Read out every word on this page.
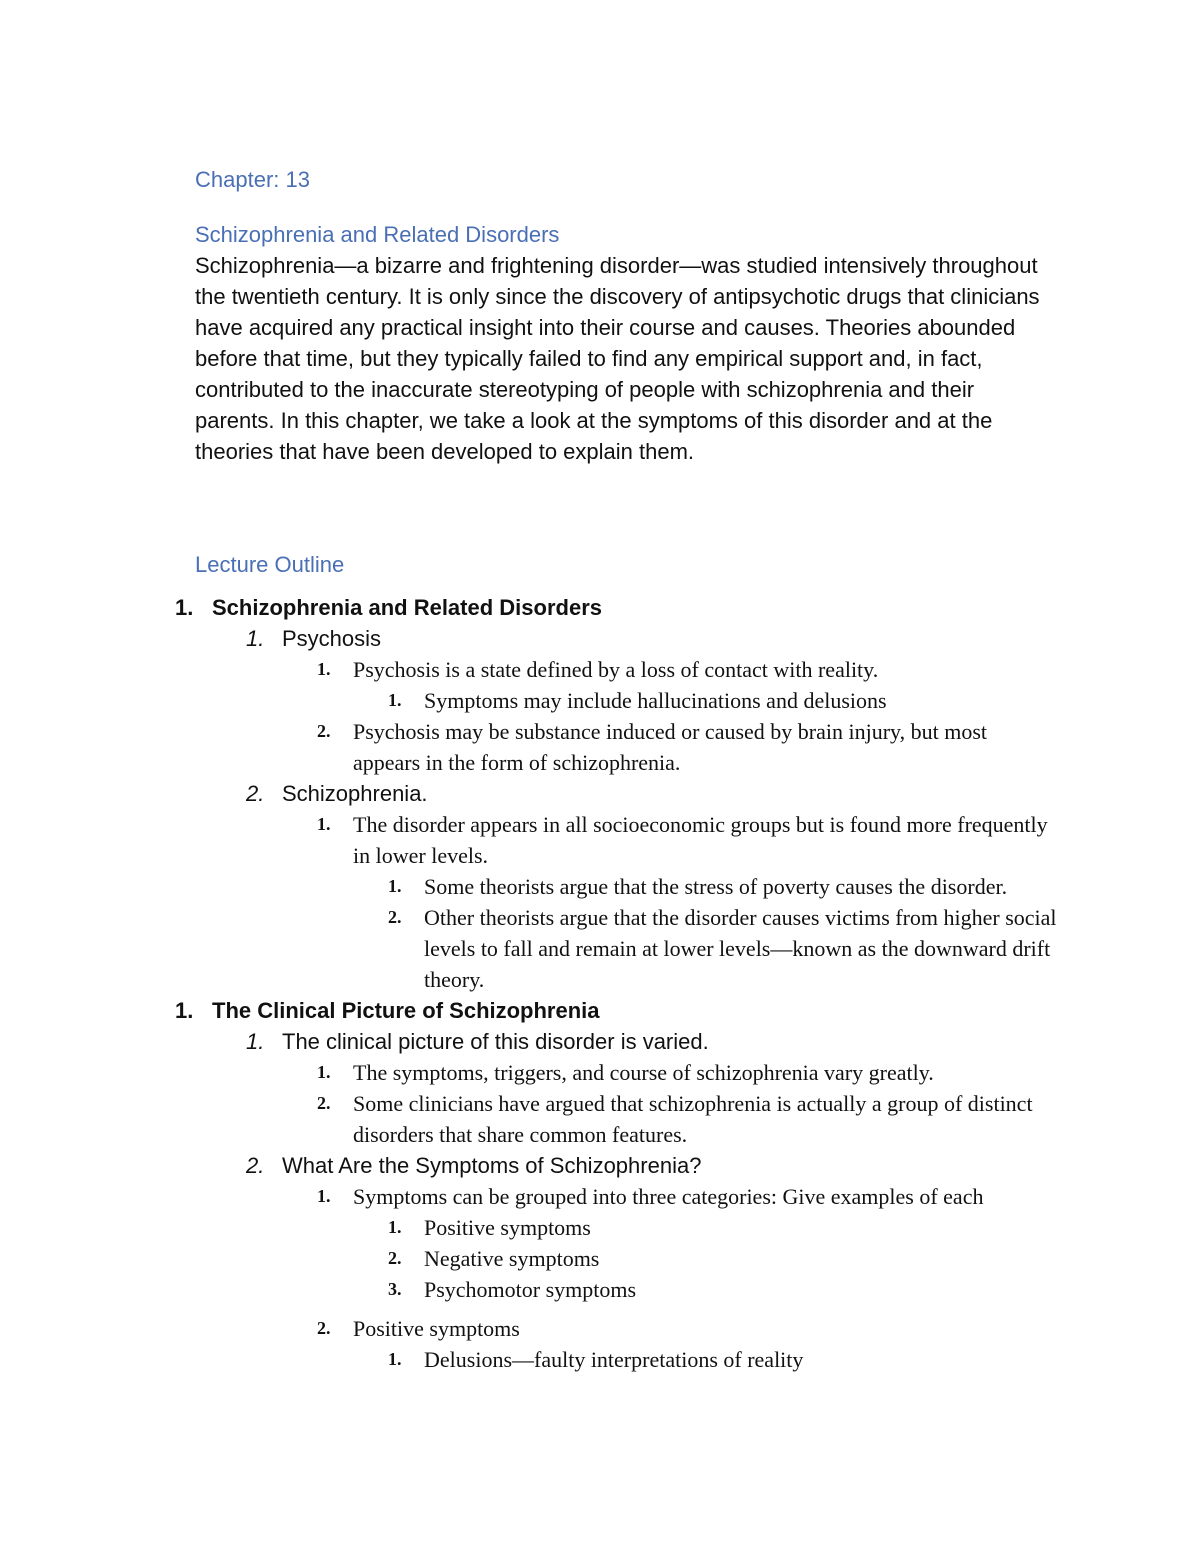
Chapter: 13
Schizophrenia and Related Disorders

Schizophrenia—a bizarre and frightening disorder—was studied intensively throughout the twentieth century. It is only since the discovery of antipsychotic drugs that clinicians have acquired any practical insight into their course and causes. Theories abounded before that time, but they typically failed to find any empirical support and, in fact, contributed to the inaccurate stereotyping of people with schizophrenia and their parents. In this chapter, we take a look at the symptoms of this disorder and at the theories that have been developed to explain them.

Lecture Outline
1. Schizophrenia and Related Disorders
1. Psychosis
1. Psychosis is a state defined by a loss of contact with reality.
1. Symptoms may include hallucinations and delusions
2. Psychosis may be substance induced or caused by brain injury, but most appears in the form of schizophrenia.
2. Schizophrenia.
1. The disorder appears in all socioeconomic groups but is found more frequently in lower levels.
1. Some theorists argue that the stress of poverty causes the disorder.
2. Other theorists argue that the disorder causes victims from higher social levels to fall and remain at lower levels—known as the downward drift theory.
1. The Clinical Picture of Schizophrenia
1. The clinical picture of this disorder is varied.
1. The symptoms, triggers, and course of schizophrenia vary greatly.
2. Some clinicians have argued that schizophrenia is actually a group of distinct disorders that share common features.
2. What Are the Symptoms of Schizophrenia?
1. Symptoms can be grouped into three categories: Give examples of each
1. Positive symptoms
2. Negative symptoms
3. Psychomotor symptoms
2. Positive symptoms
1. Delusions—faulty interpretations of reality
